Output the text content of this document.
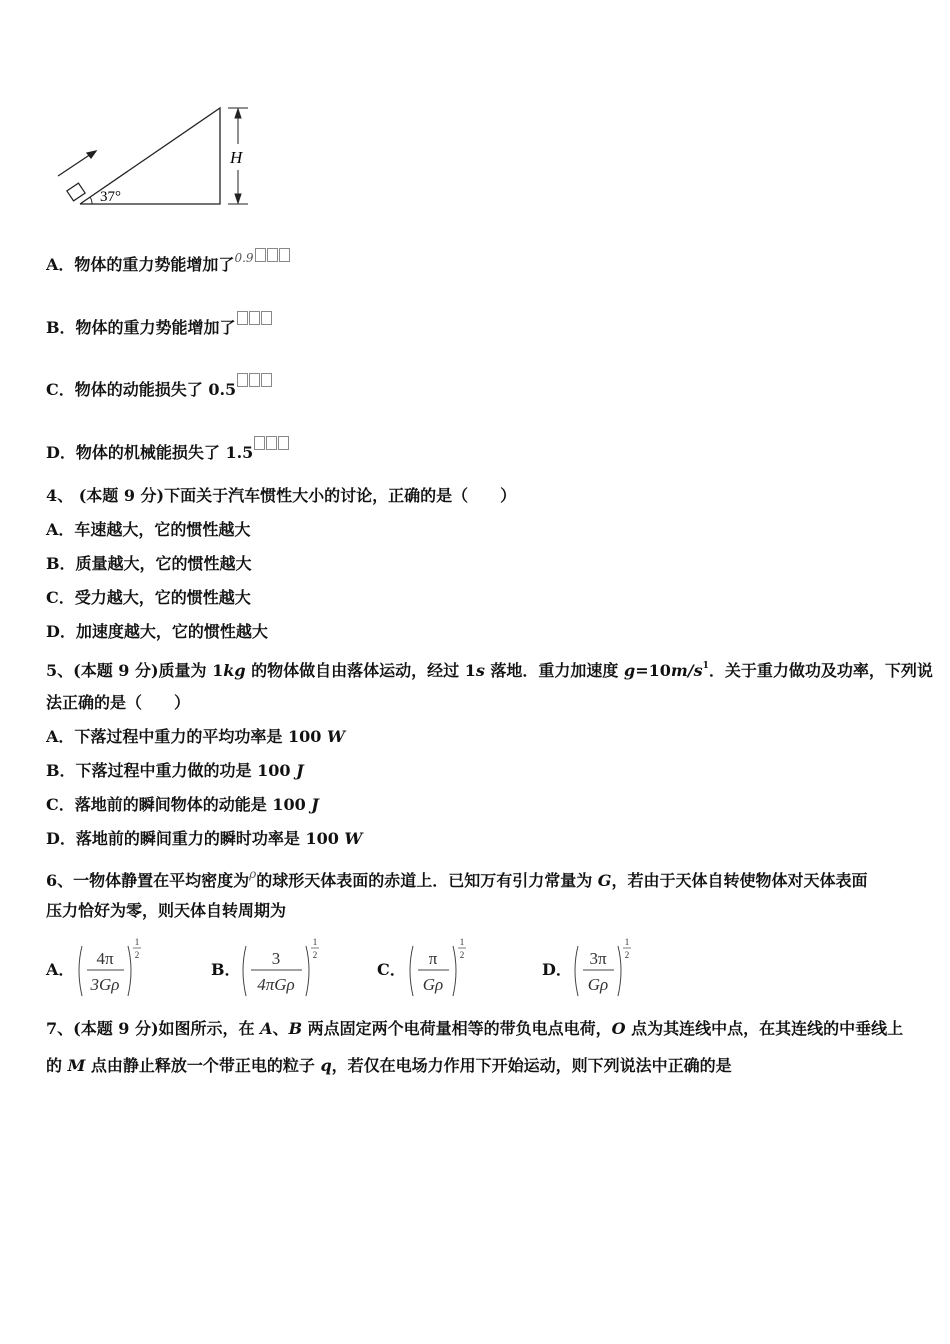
37°
H
A．物体的重力势能增加了$^{0.9}$
B．物体的重力势能增加了
C．物体的动能损失了 0.5
D．物体的机械能损失了 1.5
4、 (本题 9 分)下面关于汽车惯性大小的讨论，正确的是（　　）
A．车速越大，它的惯性越大
B．质量越大，它的惯性越大
C．受力越大，它的惯性越大
D．加速度越大，它的惯性越大
5、(本题 9 分)质量为 1kg 的物体做自由落体运动，经过 1s 落地．重力加速度 $g=10m/s^1$．关于重力做功及功率，下列说
法正确的是（　　）
A．下落过程中重力的平均功率是 100 W
B．下落过程中重力做的功是 100 J
C．落地前的瞬间物体的动能是 100 J
D．落地前的瞬间重力的瞬时功率是 100 W
6、一物体静置在平均密度为$^\rho$的球形天体表面的赤道上．已知万有引力常量为 G，若由于天体自转使物体对天体表面
压力恰好为零，则天体自转周期为
A．
4π
3Gρ
1
2
B．
3
4πGρ
1
2
C．
π
Gρ
1
2
D．
3π
Gρ
1
2
7、(本题 9 分)如图所示，在 A、B 两点固定两个电荷量相等的带负电点电荷，O 点为其连线中点，在其连线的中垂线上
的 M 点由静止释放一个带正电的粒子 q，若仅在电场力作用下开始运动，则下列说法中正确的是
